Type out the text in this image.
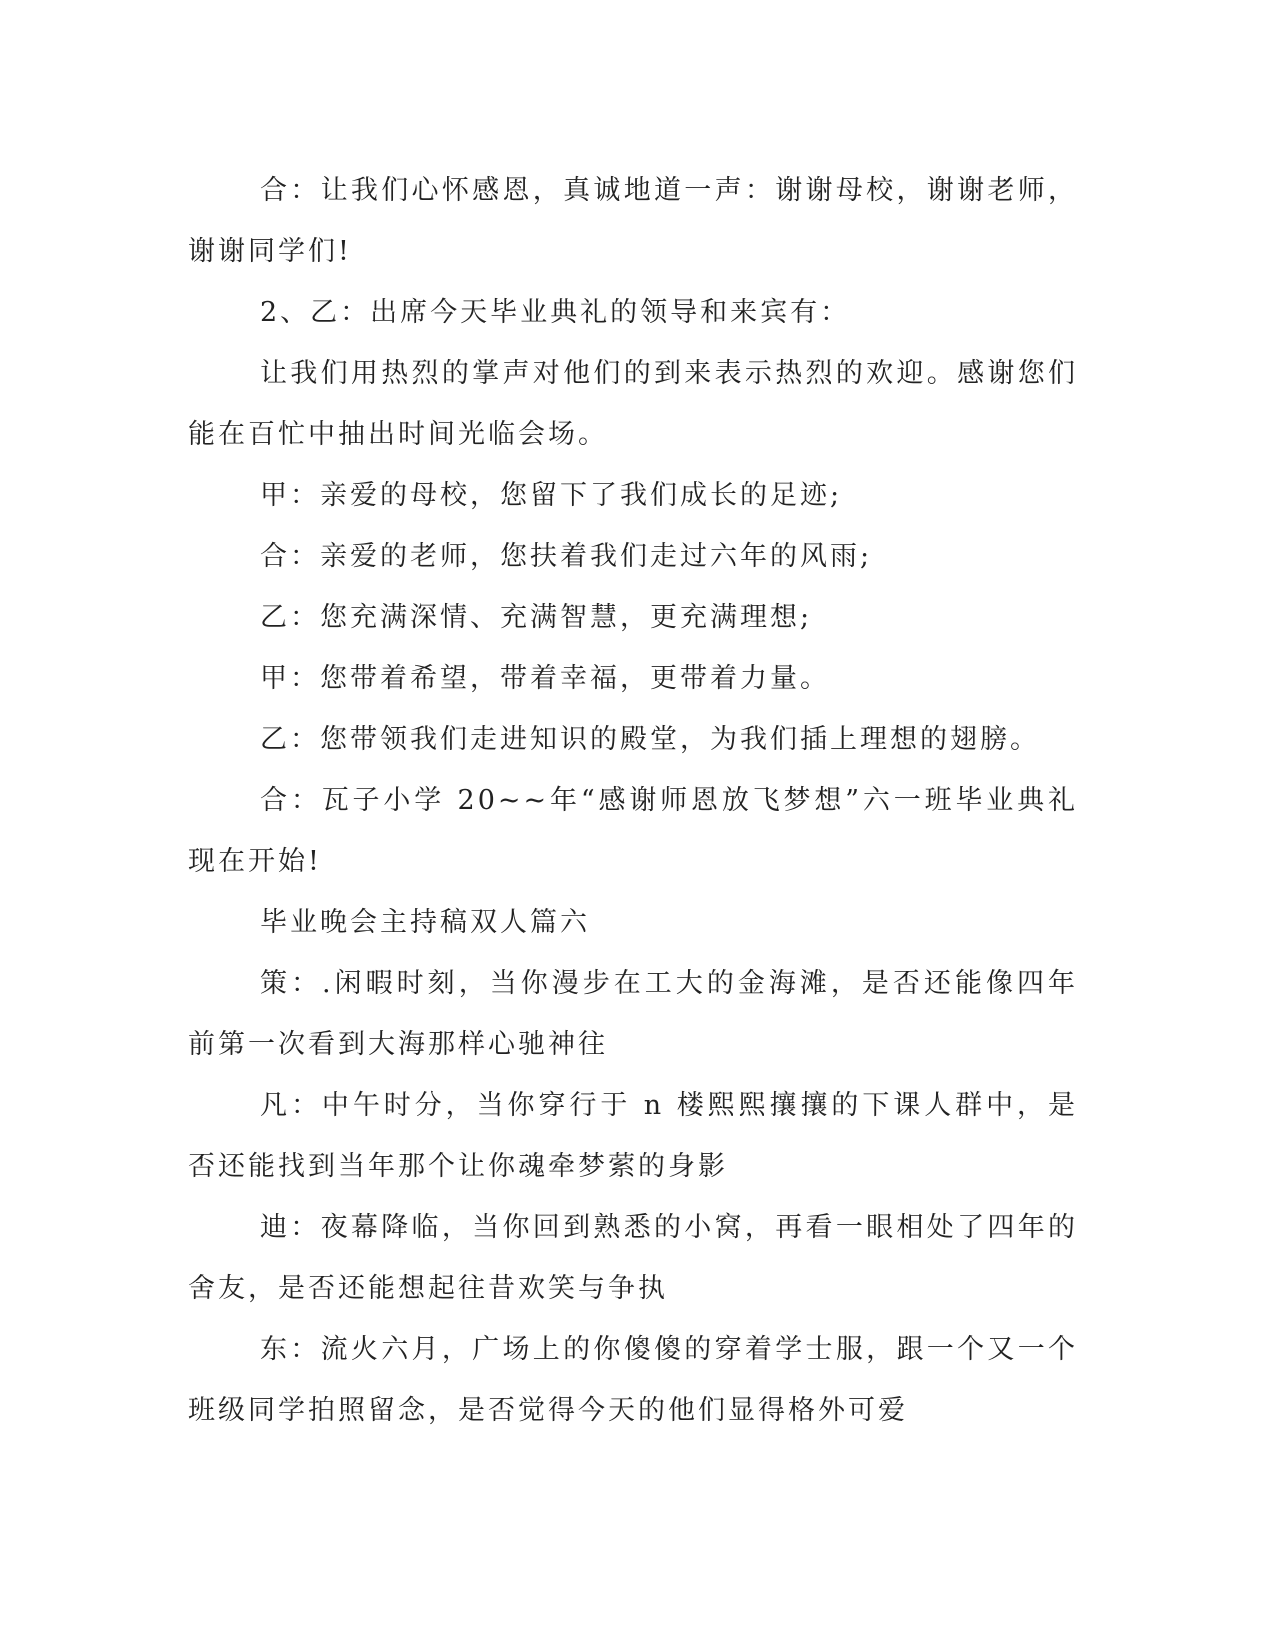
合：让我们心怀感恩，真诚地道一声：谢谢母校，谢谢老师，谢谢同学们!

2、乙：出席今天毕业典礼的领导和来宾有：

让我们用热烈的掌声对他们的到来表示热烈的欢迎。感谢您们能在百忙中抽出时间光临会场。

甲：亲爱的母校，您留下了我们成长的足迹;

合：亲爱的老师，您扶着我们走过六年的风雨;

乙：您充满深情、充满智慧，更充满理想;

甲：您带着希望，带着幸福，更带着力量。

乙：您带领我们走进知识的殿堂，为我们插上理想的翅膀。

合：瓦子小学 20~~年“感谢师恩放飞梦想”六一班毕业典礼现在开始!

毕业晚会主持稿双人篇六

策：.闲暇时刻，当你漫步在工大的金海滩，是否还能像四年前第一次看到大海那样心驰神往

凡：中午时分，当你穿行于 n 楼熙熙攘攘的下课人群中，是否还能找到当年那个让你魂牵梦萦的身影

迪：夜幕降临，当你回到熟悉的小窝，再看一眼相处了四年的舍友，是否还能想起往昔欢笑与争执

东：流火六月，广场上的你傻傻的穿着学士服，跟一个又一个班级同学拍照留念，是否觉得今天的他们显得格外可爱
